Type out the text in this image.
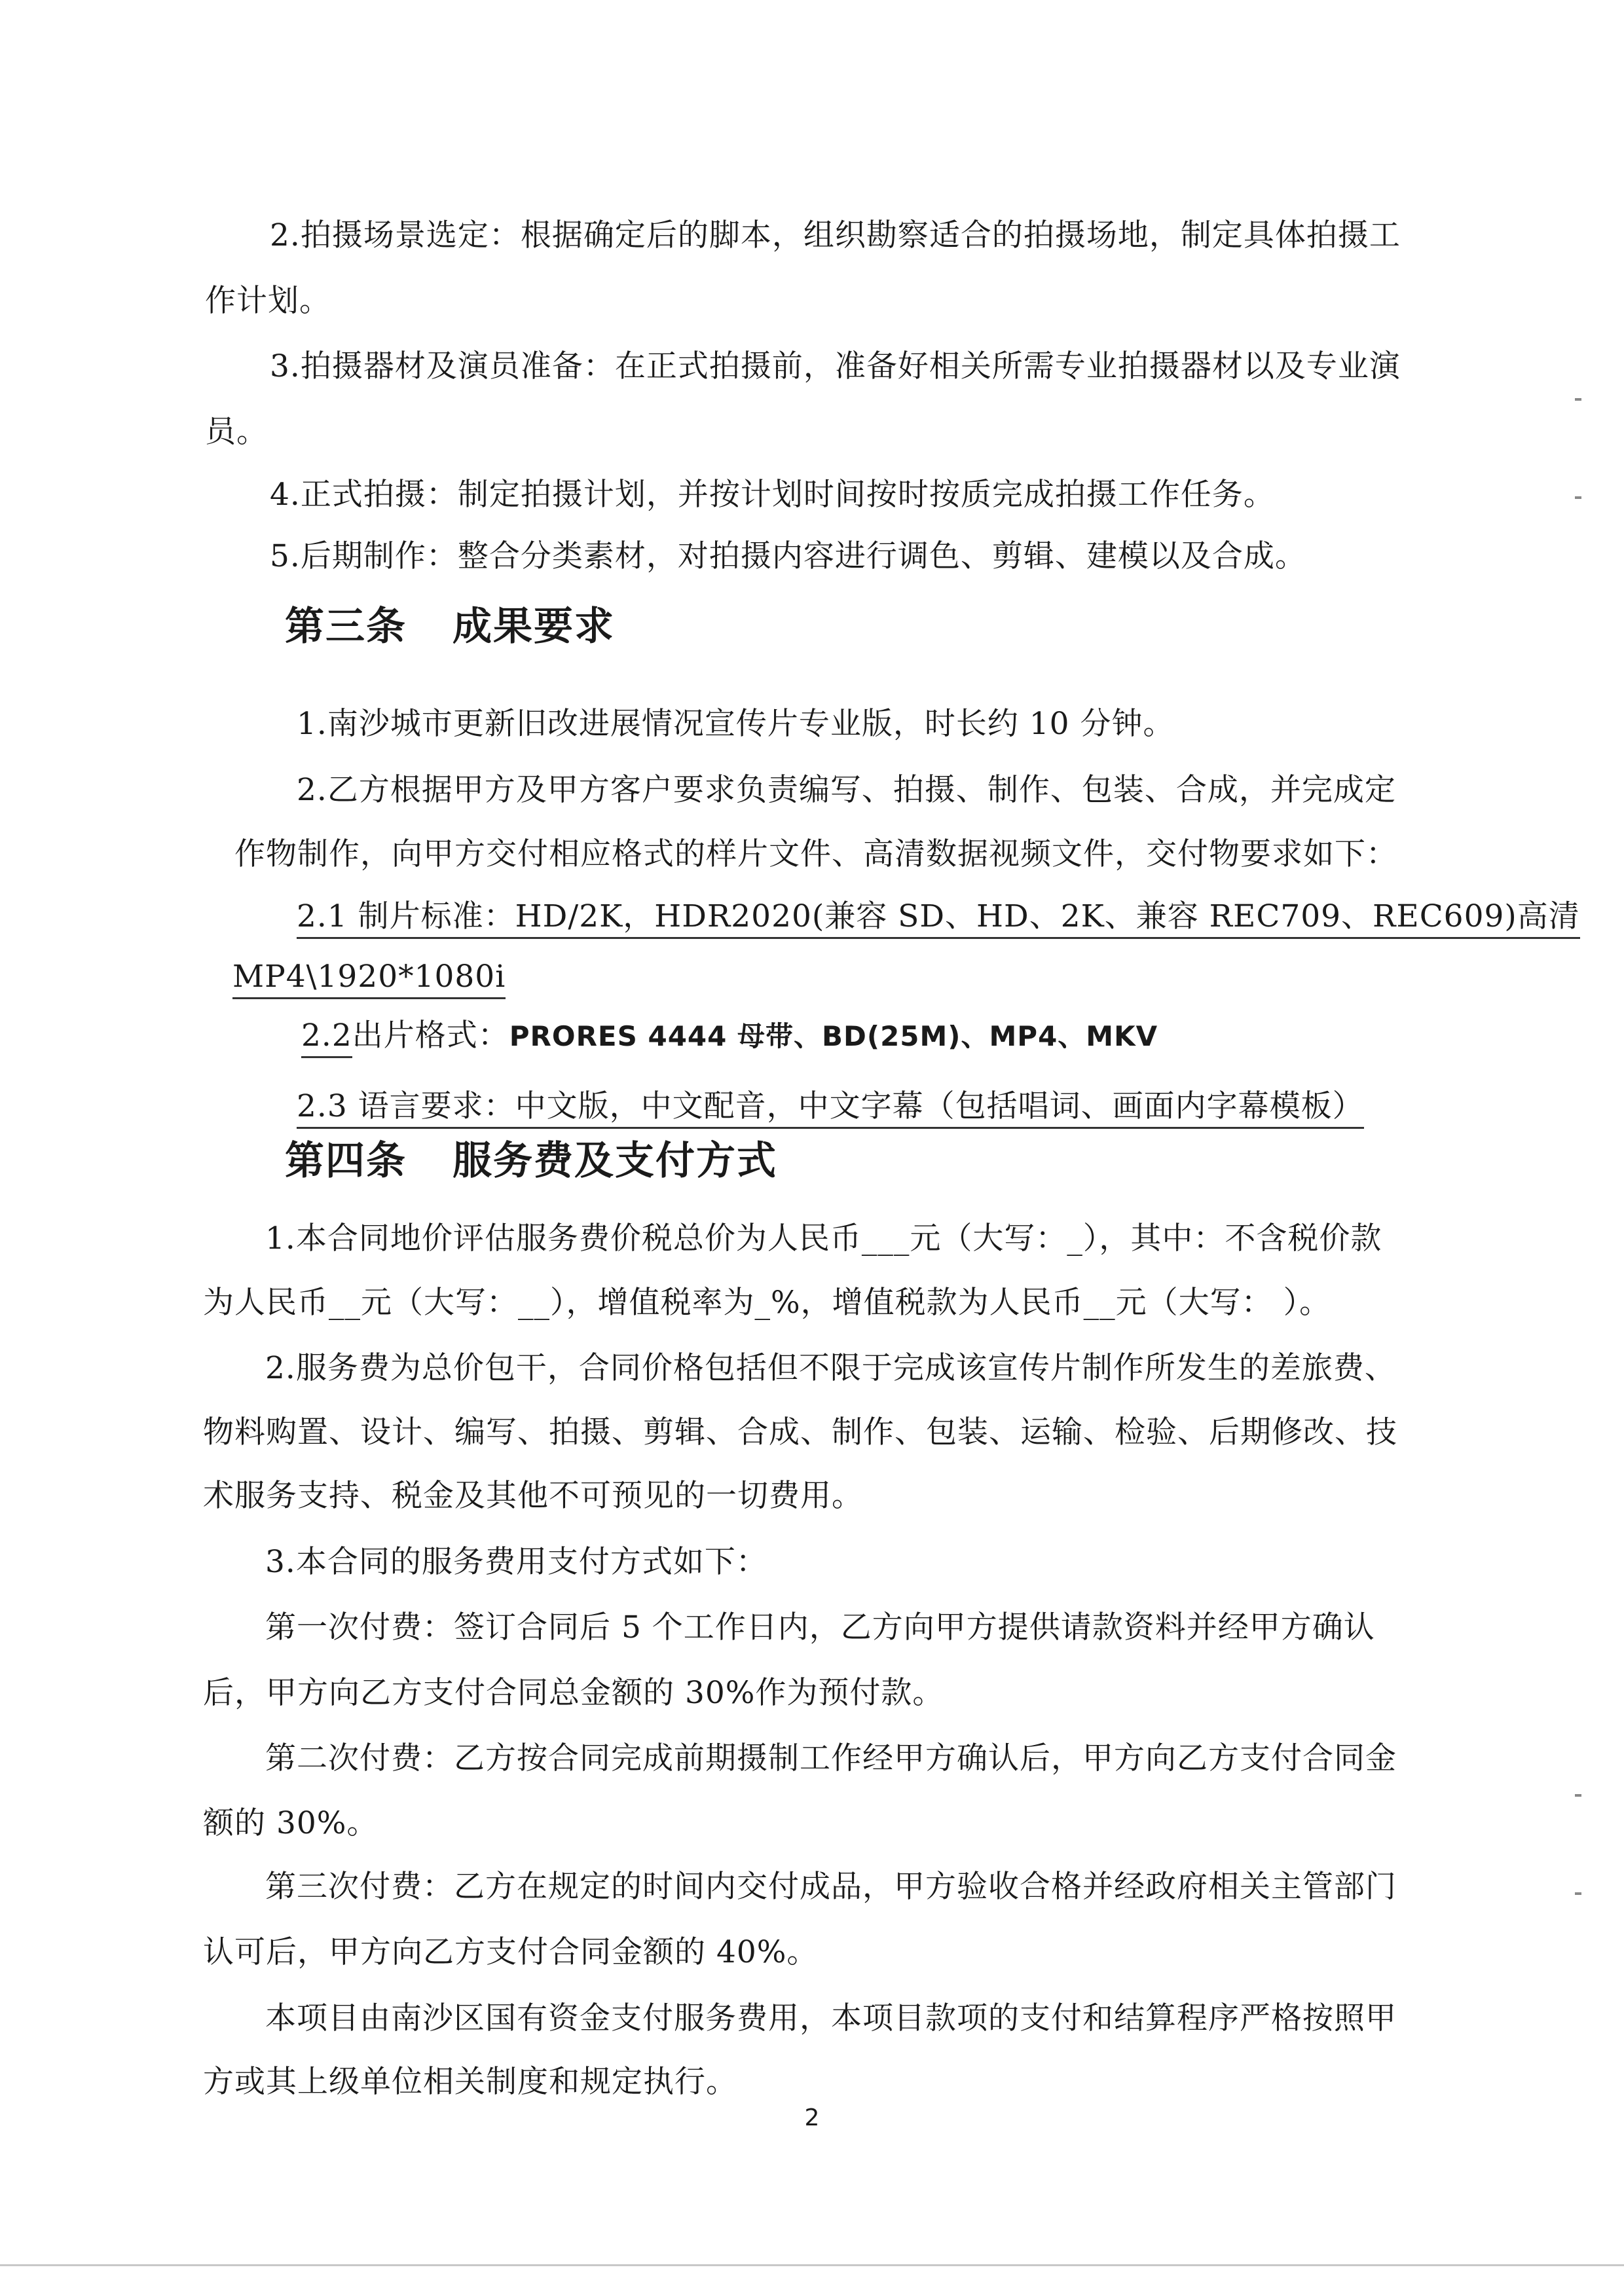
2.拍摄场景选定：根据确定后的脚本，组织勘察适合的拍摄场地，制定具体拍摄工
作计划。
3.拍摄器材及演员准备：在正式拍摄前，准备好相关所需专业拍摄器材以及专业演
员。
4.正式拍摄：制定拍摄计划，并按计划时间按时按质完成拍摄工作任务。
5.后期制作：整合分类素材，对拍摄内容进行调色、剪辑、建模以及合成。
第三条 成果要求
1.南沙城市更新旧改进展情况宣传片专业版，时长约 10 分钟。
2.乙方根据甲方及甲方客户要求负责编写、拍摄、制作、包装、合成，并完成定
作物制作，向甲方交付相应格式的样片文件、高清数据视频文件，交付物要求如下：
2.1 制片标准：HD/2K，HDR2020(兼容 SD、HD、2K、兼容 REC709、REC609)高清
MP4\1920*1080i
2.2出片格式：PRORES 4444 母带、BD(25M)、MP4、MKV
2.3 语言要求：中文版，中文配音，中文字幕（包括唱词、画面内字幕模板）
第四条 服务费及支付方式
1.本合同地价评估服务费价税总价为人民币___元（大写：_），其中：不含税价款
为人民币__元（大写：__），增值税率为_%，增值税款为人民币__元（大写： ）。
2.服务费为总价包干，合同价格包括但不限于完成该宣传片制作所发生的差旅费、
物料购置、设计、编写、拍摄、剪辑、合成、制作、包装、运输、检验、后期修改、技
术服务支持、税金及其他不可预见的一切费用。
3.本合同的服务费用支付方式如下：
第一次付费：签订合同后 5 个工作日内，乙方向甲方提供请款资料并经甲方确认
后，甲方向乙方支付合同总金额的 30%作为预付款。
第二次付费：乙方按合同完成前期摄制工作经甲方确认后，甲方向乙方支付合同金
额的 30%。
第三次付费：乙方在规定的时间内交付成品，甲方验收合格并经政府相关主管部门
认可后，甲方向乙方支付合同金额的 40%。
本项目由南沙区国有资金支付服务费用，本项目款项的支付和结算程序严格按照甲
方或其上级单位相关制度和规定执行。
2
